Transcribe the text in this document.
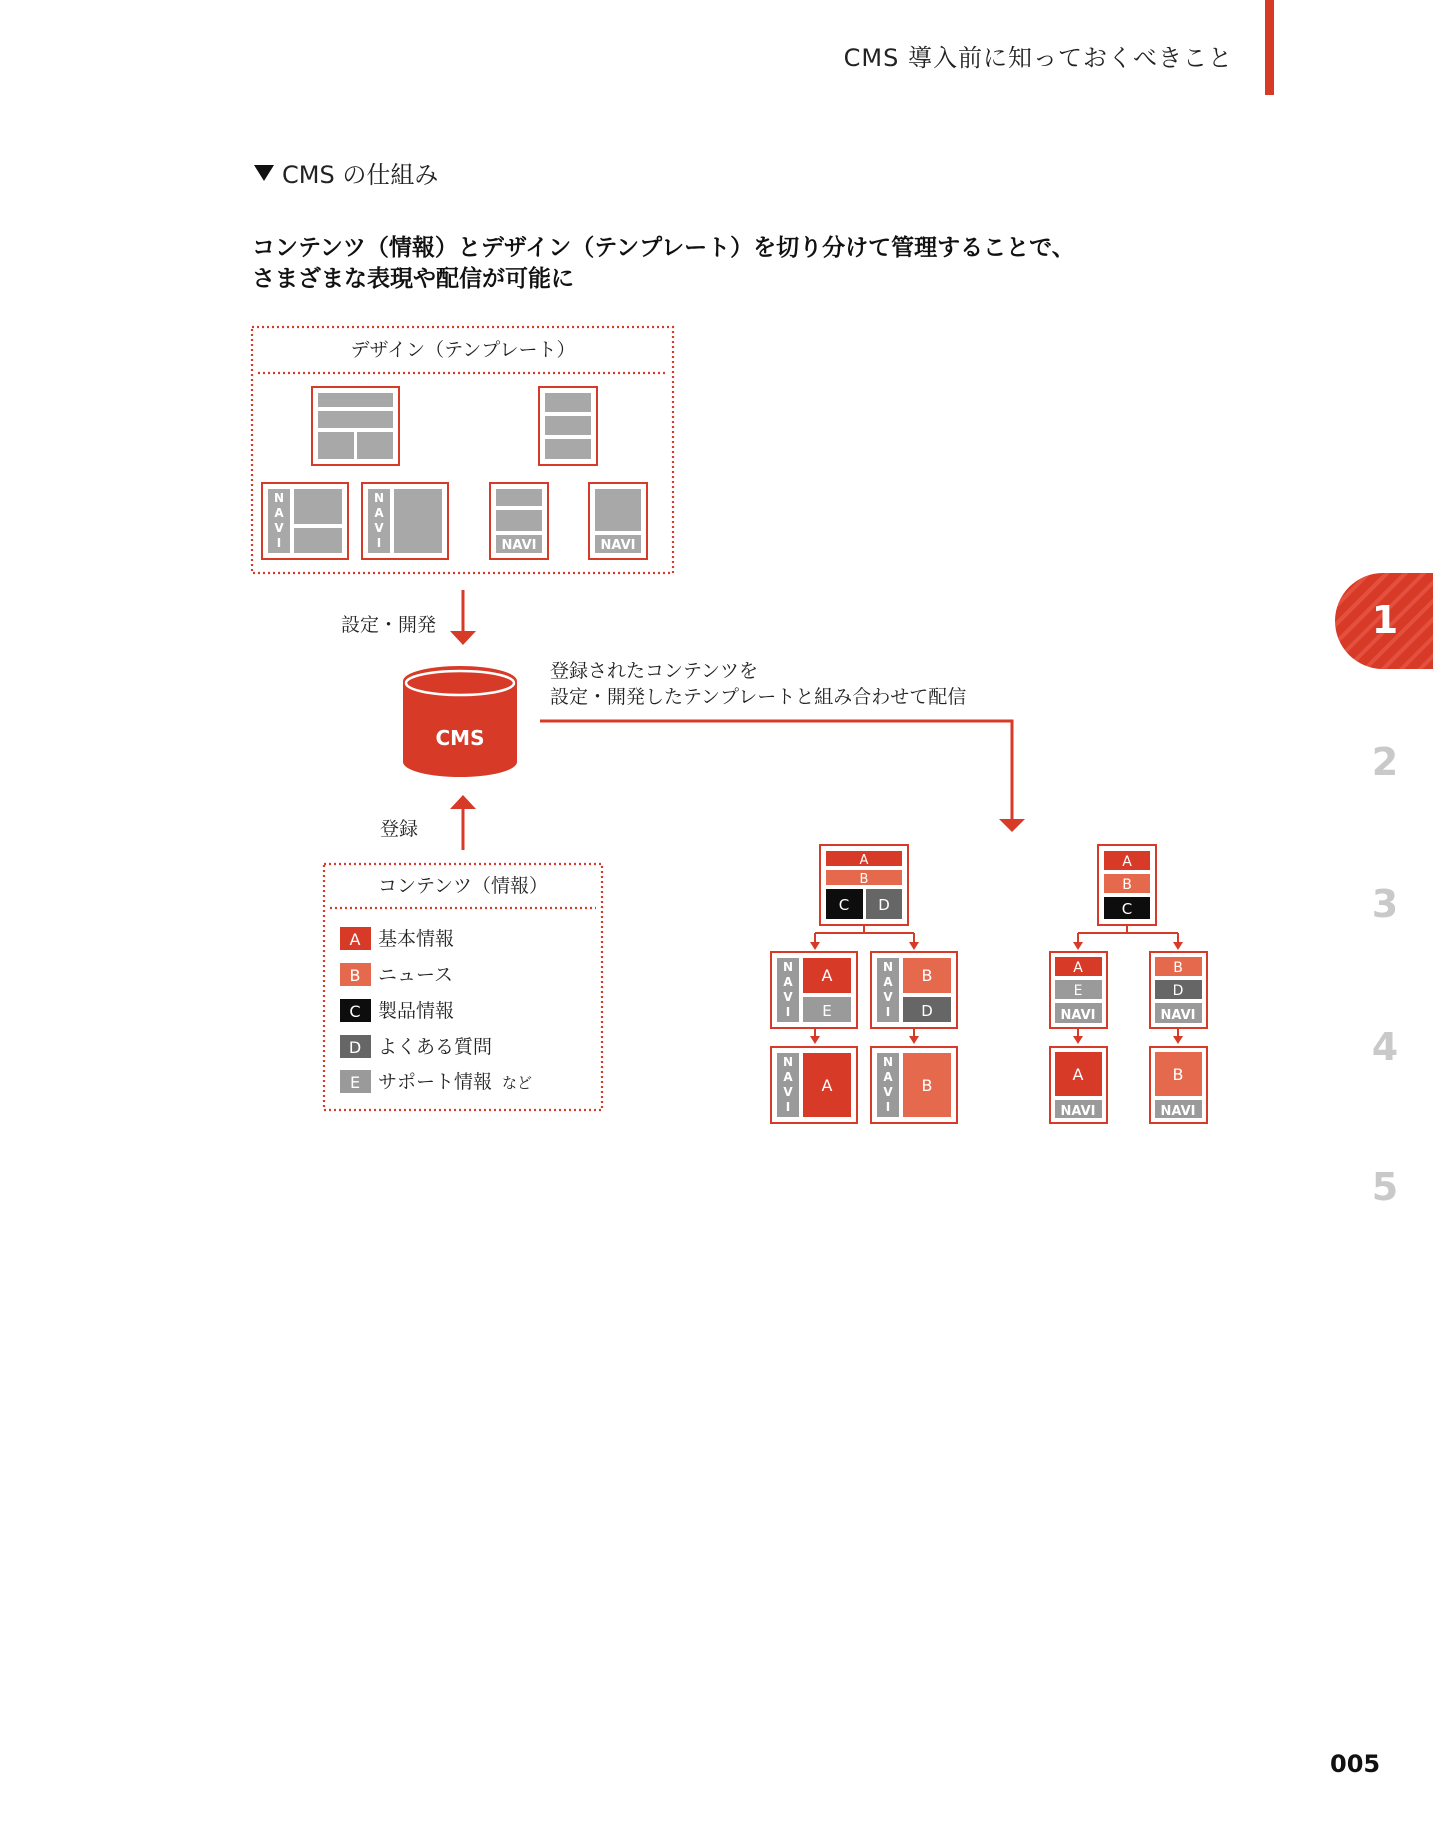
CMS 導入前に知っておくべきこと
CMS の仕組み
コンテンツ（情報）とデザイン（テンプレート）を切り分けて管理することで、
さまざまな表現や配信が可能に
デザイン（テンプレート）
N
A
V
I
N
A
V
I	NAVI	NAVI
設定・開発
CMS
登録
コンテンツ（情報）
A 基本情報
B ニュース
C 製品情報
D よくある質問
E サポート情報 など
登録されたコンテンツを
設定・開発したテンプレートと組み合わせて配信
A
B
C D
N
A
V
I
A
E
N
A
V
I
B
D
N
A
V
I
A
N
A
V
I
B
A
B
C
A
E
NAVI
B
D
NAVI
A
NAVI
B
NAVI
1
2
3
4
5
005
